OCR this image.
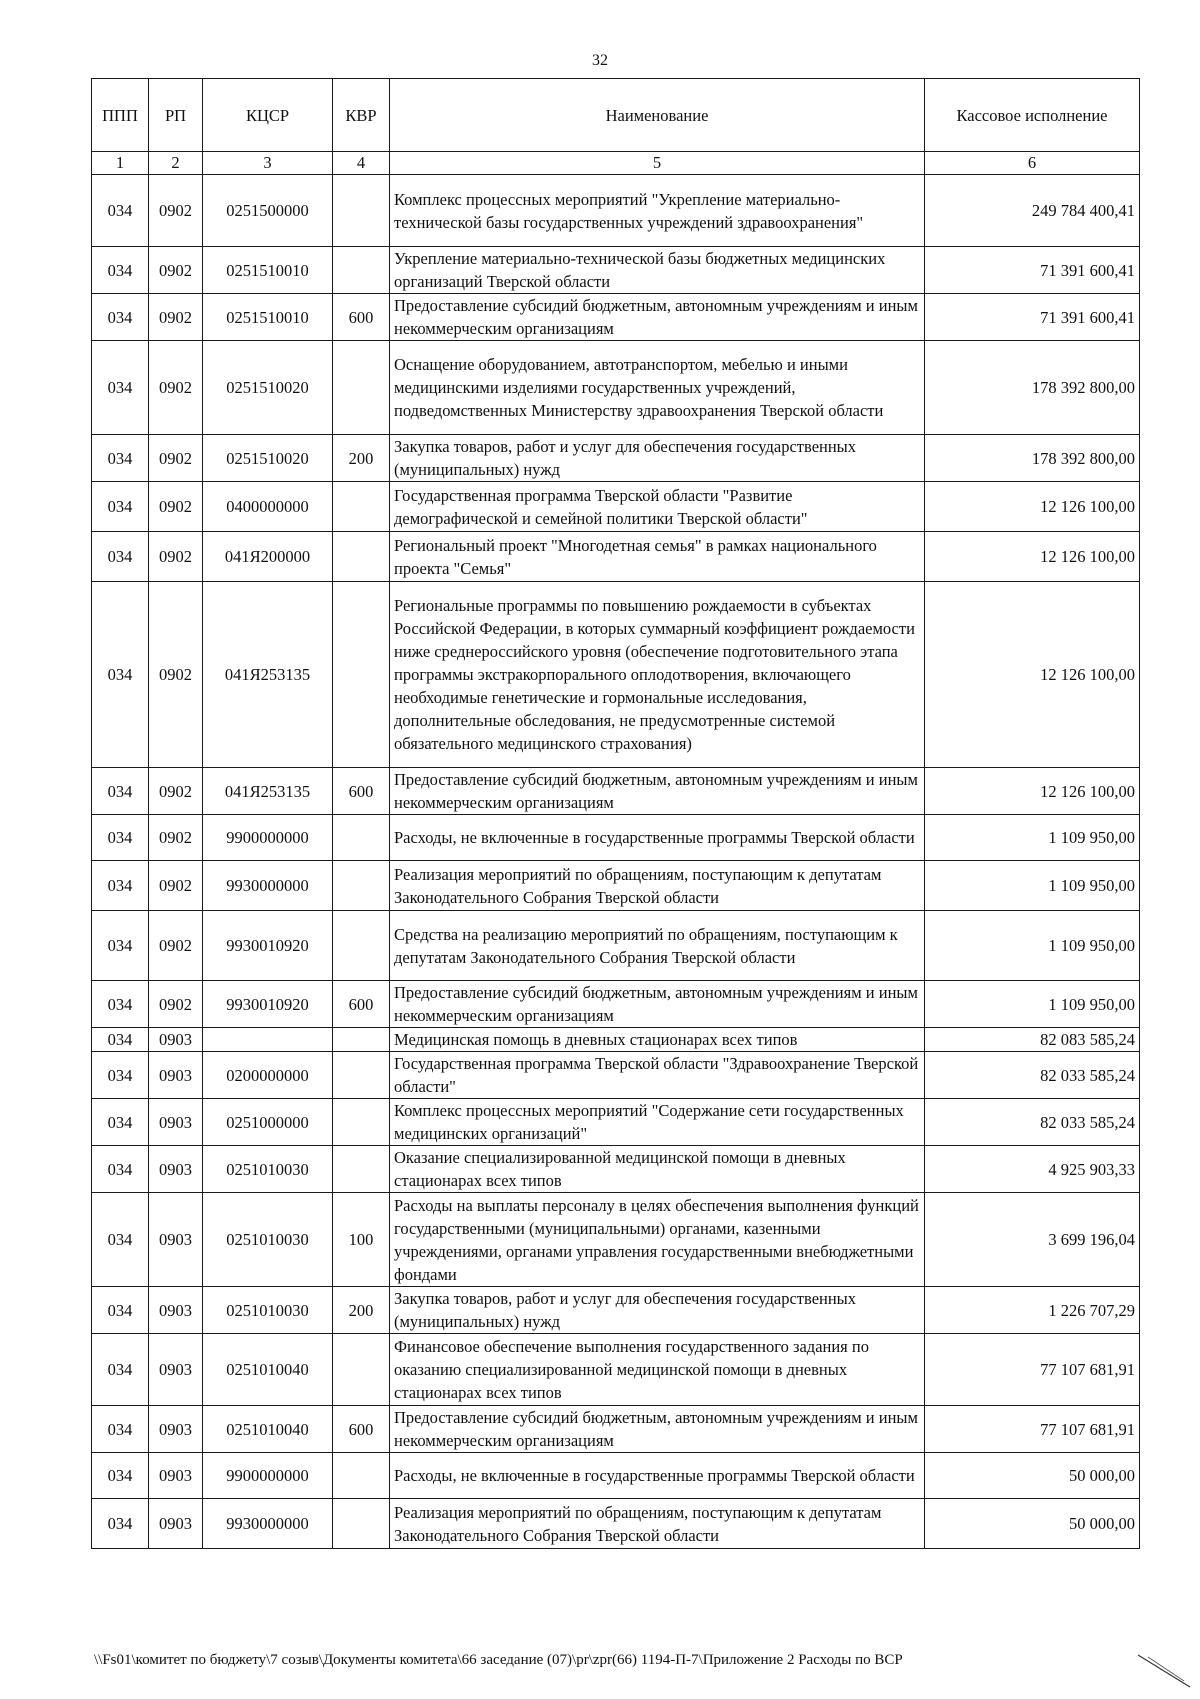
32
ППП	РП	КЦСР	КВР	Наименование	Кассовое исполнение
1	2	3	4	5	6
034	0902	0251500000		Комплекс процессных мероприятий "Укрепление материально-технической базы государственных учреждений здравоохранения"	249 784 400,41
034	0902	0251510010		Укрепление материально-технической базы бюджетных медицинских организаций Тверской области	71 391 600,41
034	0902	0251510010	600	Предоставление субсидий бюджетным, автономным учреждениям и иным некоммерческим организациям	71 391 600,41
034	0902	0251510020		Оснащение оборудованием, автотранспортом, мебелью и иными медицинскими изделиями государственных учреждений, подведомственных Министерству здравоохранения Тверской области	178 392 800,00
034	0902	0251510020	200	Закупка товаров, работ и услуг для обеспечения государственных (муниципальных) нужд	178 392 800,00
034	0902	0400000000		Государственная программа Тверской области "Развитие демографической и семейной политики Тверской области"	12 126 100,00
034	0902	041Я200000		Региональный проект "Многодетная семья" в рамках национального проекта "Семья"	12 126 100,00
034	0902	041Я253135		Региональные программы по повышению рождаемости в субъектах Российской Федерации, в которых суммарный коэффициент рождаемости ниже среднероссийского уровня (обеспечение подготовительного этапа программы экстракорпорального оплодотворения, включающего необходимые генетические и гормональные исследования, дополнительные обследования, не предусмотренные системой обязательного медицинского страхования)	12 126 100,00
034	0902	041Я253135	600	Предоставление субсидий бюджетным, автономным учреждениям и иным некоммерческим организациям	12 126 100,00
034	0902	9900000000		Расходы, не включенные в государственные программы Тверской области	1 109 950,00
034	0902	9930000000		Реализация мероприятий по обращениям, поступающим к депутатам Законодательного Собрания Тверской области	1 109 950,00
034	0902	9930010920		Средства на реализацию мероприятий по обращениям, поступающим к депутатам Законодательного Собрания Тверской области	1 109 950,00
034	0902	9930010920	600	Предоставление субсидий бюджетным, автономным учреждениям и иным некоммерческим организациям	1 109 950,00
034	0903			Медицинская помощь в дневных стационарах всех типов	82 083 585,24
034	0903	0200000000		Государственная программа Тверской области "Здравоохранение Тверской области"	82 033 585,24
034	0903	0251000000		Комплекс процессных мероприятий "Содержание сети государственных медицинских организаций"	82 033 585,24
034	0903	0251010030		Оказание специализированной медицинской помощи в дневных стационарах всех типов	4 925 903,33
034	0903	0251010030	100	Расходы на выплаты персоналу в целях обеспечения выполнения функций государственными (муниципальными) органами, казенными учреждениями, органами управления государственными внебюджетными фондами	3 699 196,04
034	0903	0251010030	200	Закупка товаров, работ и услуг для обеспечения государственных (муниципальных) нужд	1 226 707,29
034	0903	0251010040		Финансовое обеспечение выполнения государственного задания по оказанию специализированной медицинской помощи в дневных стационарах всех типов	77 107 681,91
034	0903	0251010040	600	Предоставление субсидий бюджетным, автономным учреждениям и иным некоммерческим организациям	77 107 681,91
034	0903	9900000000		Расходы, не включенные в государственные программы Тверской области	50 000,00
034	0903	9930000000		Реализация мероприятий по обращениям, поступающим к депутатам Законодательного Собрания Тверской области	50 000,00
\\Fs01\комитет по бюджету\7 созыв\Документы комитета\66 заседание (07)\pr\zpr(66) 1194-П-7\Приложение 2 Расходы по ВСР
